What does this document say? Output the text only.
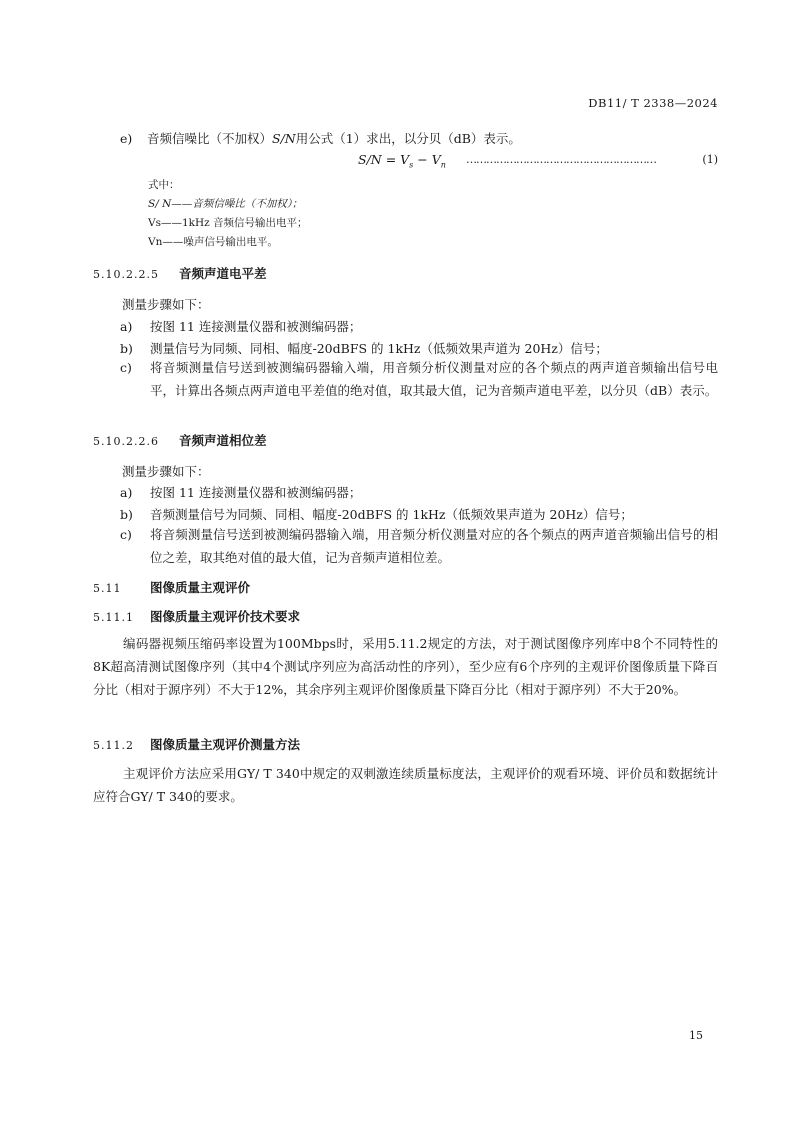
DB11/ T 2338—2024
e) 音频信噪比（不加权）S/N用公式（1）求出，以分贝（dB）表示。
$S/N = V_s - V_n$ …………………………………………………	(1)
式中：
S/ N——音频信噪比（不加权）；
Vs——1kHz 音频信号输出电平；
Vn——噪声信号输出电平。
5.10.2.2.5 音频声道电平差
测量步骤如下：
a) 按图 11 连接测量仪器和被测编码器；
b) 测量信号为同频、同相、幅度-20dBFS 的 1kHz（低频效果声道为 20Hz）信号；
c) 将音频测量信号送到被测编码器输入端，用音频分析仪测量对应的各个频点的两声道音频输出信号电平，计算出各频点两声道电平差值的绝对值，取其最大值，记为音频声道电平差，以分贝（dB）表示。
5.10.2.2.6 音频声道相位差
测量步骤如下：
a) 按图 11 连接测量仪器和被测编码器；
b) 音频测量信号为同频、同相、幅度-20dBFS 的 1kHz（低频效果声道为 20Hz）信号；
c) 将音频测量信号送到被测编码器输入端，用音频分析仪测量对应的各个频点的两声道音频输出信号的相位之差，取其绝对值的最大值，记为音频声道相位差。
5.11 图像质量主观评价
5.11.1 图像质量主观评价技术要求
编码器视频压缩码率设置为100Mbps时，采用5.11.2规定的方法，对于测试图像序列库中8个不同特性的8K超高清测试图像序列（其中4个测试序列应为高活动性的序列），至少应有6个序列的主观评价图像质量下降百分比（相对于源序列）不大于12%，其余序列主观评价图像质量下降百分比（相对于源序列）不大于20%。
5.11.2 图像质量主观评价测量方法
主观评价方法应采用GY/ T 340中规定的双刺激连续质量标度法，主观评价的观看环境、评价员和数据统计应符合GY/ T 340的要求。
15
